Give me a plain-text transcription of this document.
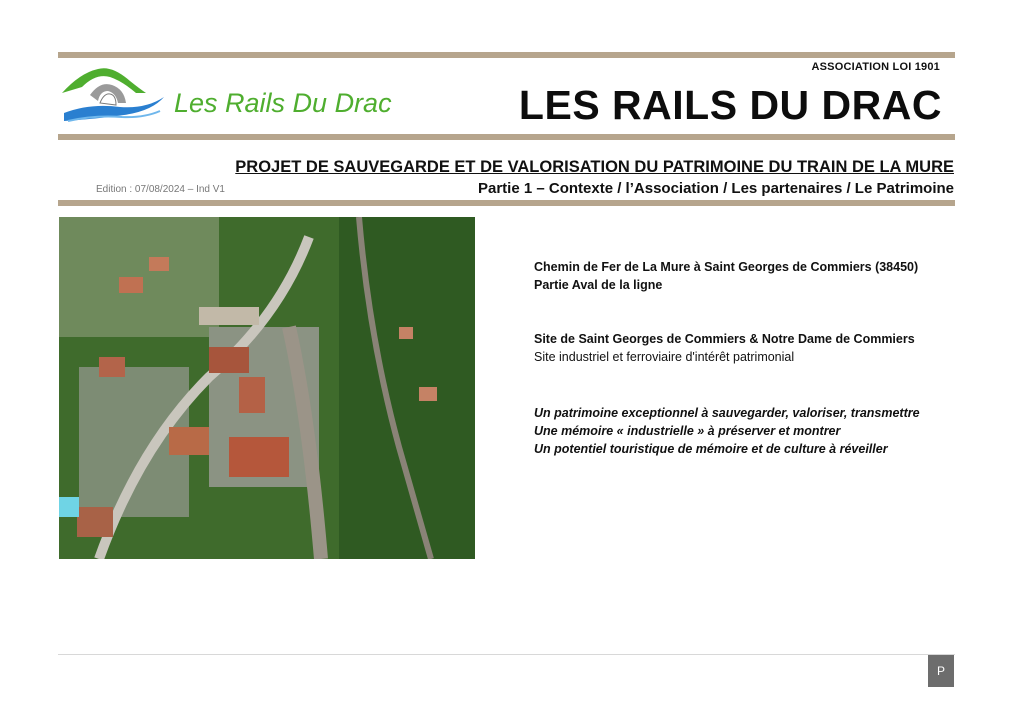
Les Rails Du Drac
ASSOCIATION LOI 1901
LES RAILS DU DRAC
PROJET DE SAUVEGARDE ET DE VALORISATION DU PATRIMOINE DU TRAIN DE LA MURE
Edition : 07/08/2024 – Ind V1	Partie 1 – Contexte / l’Association / Les partenaires / Le Patrimoine
Chemin de Fer de La Mure à Saint Georges de Commiers (38450)
Partie Aval de la ligne
Site de Saint Georges de Commiers & Notre Dame de Commiers
Site industriel et ferroviaire d'intérêt patrimonial
Un patrimoine exceptionnel à sauvegarder, valoriser, transmettre
Une mémoire « industrielle » à préserver et montrer
Un potentiel touristique de mémoire et de culture à réveiller
P
